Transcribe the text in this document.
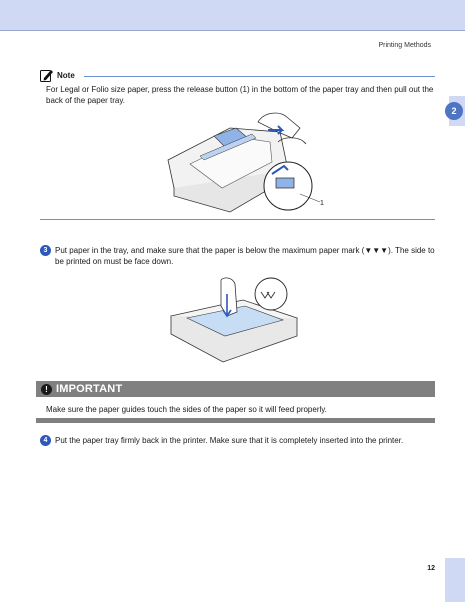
Printing Methods
2
Note
For Legal or Folio size paper, press the release button (1) in the bottom of the paper tray and then pull out the back of the paper tray.
1
3 Put paper in the tray, and make sure that the paper is below the maximum paper mark (▼▼▼). The side to be printed on must be face down.
! IMPORTANT
Make sure the paper guides touch the sides of the paper so it will feed properly.
4 Put the paper tray firmly back in the printer. Make sure that it is completely inserted into the printer.
12
